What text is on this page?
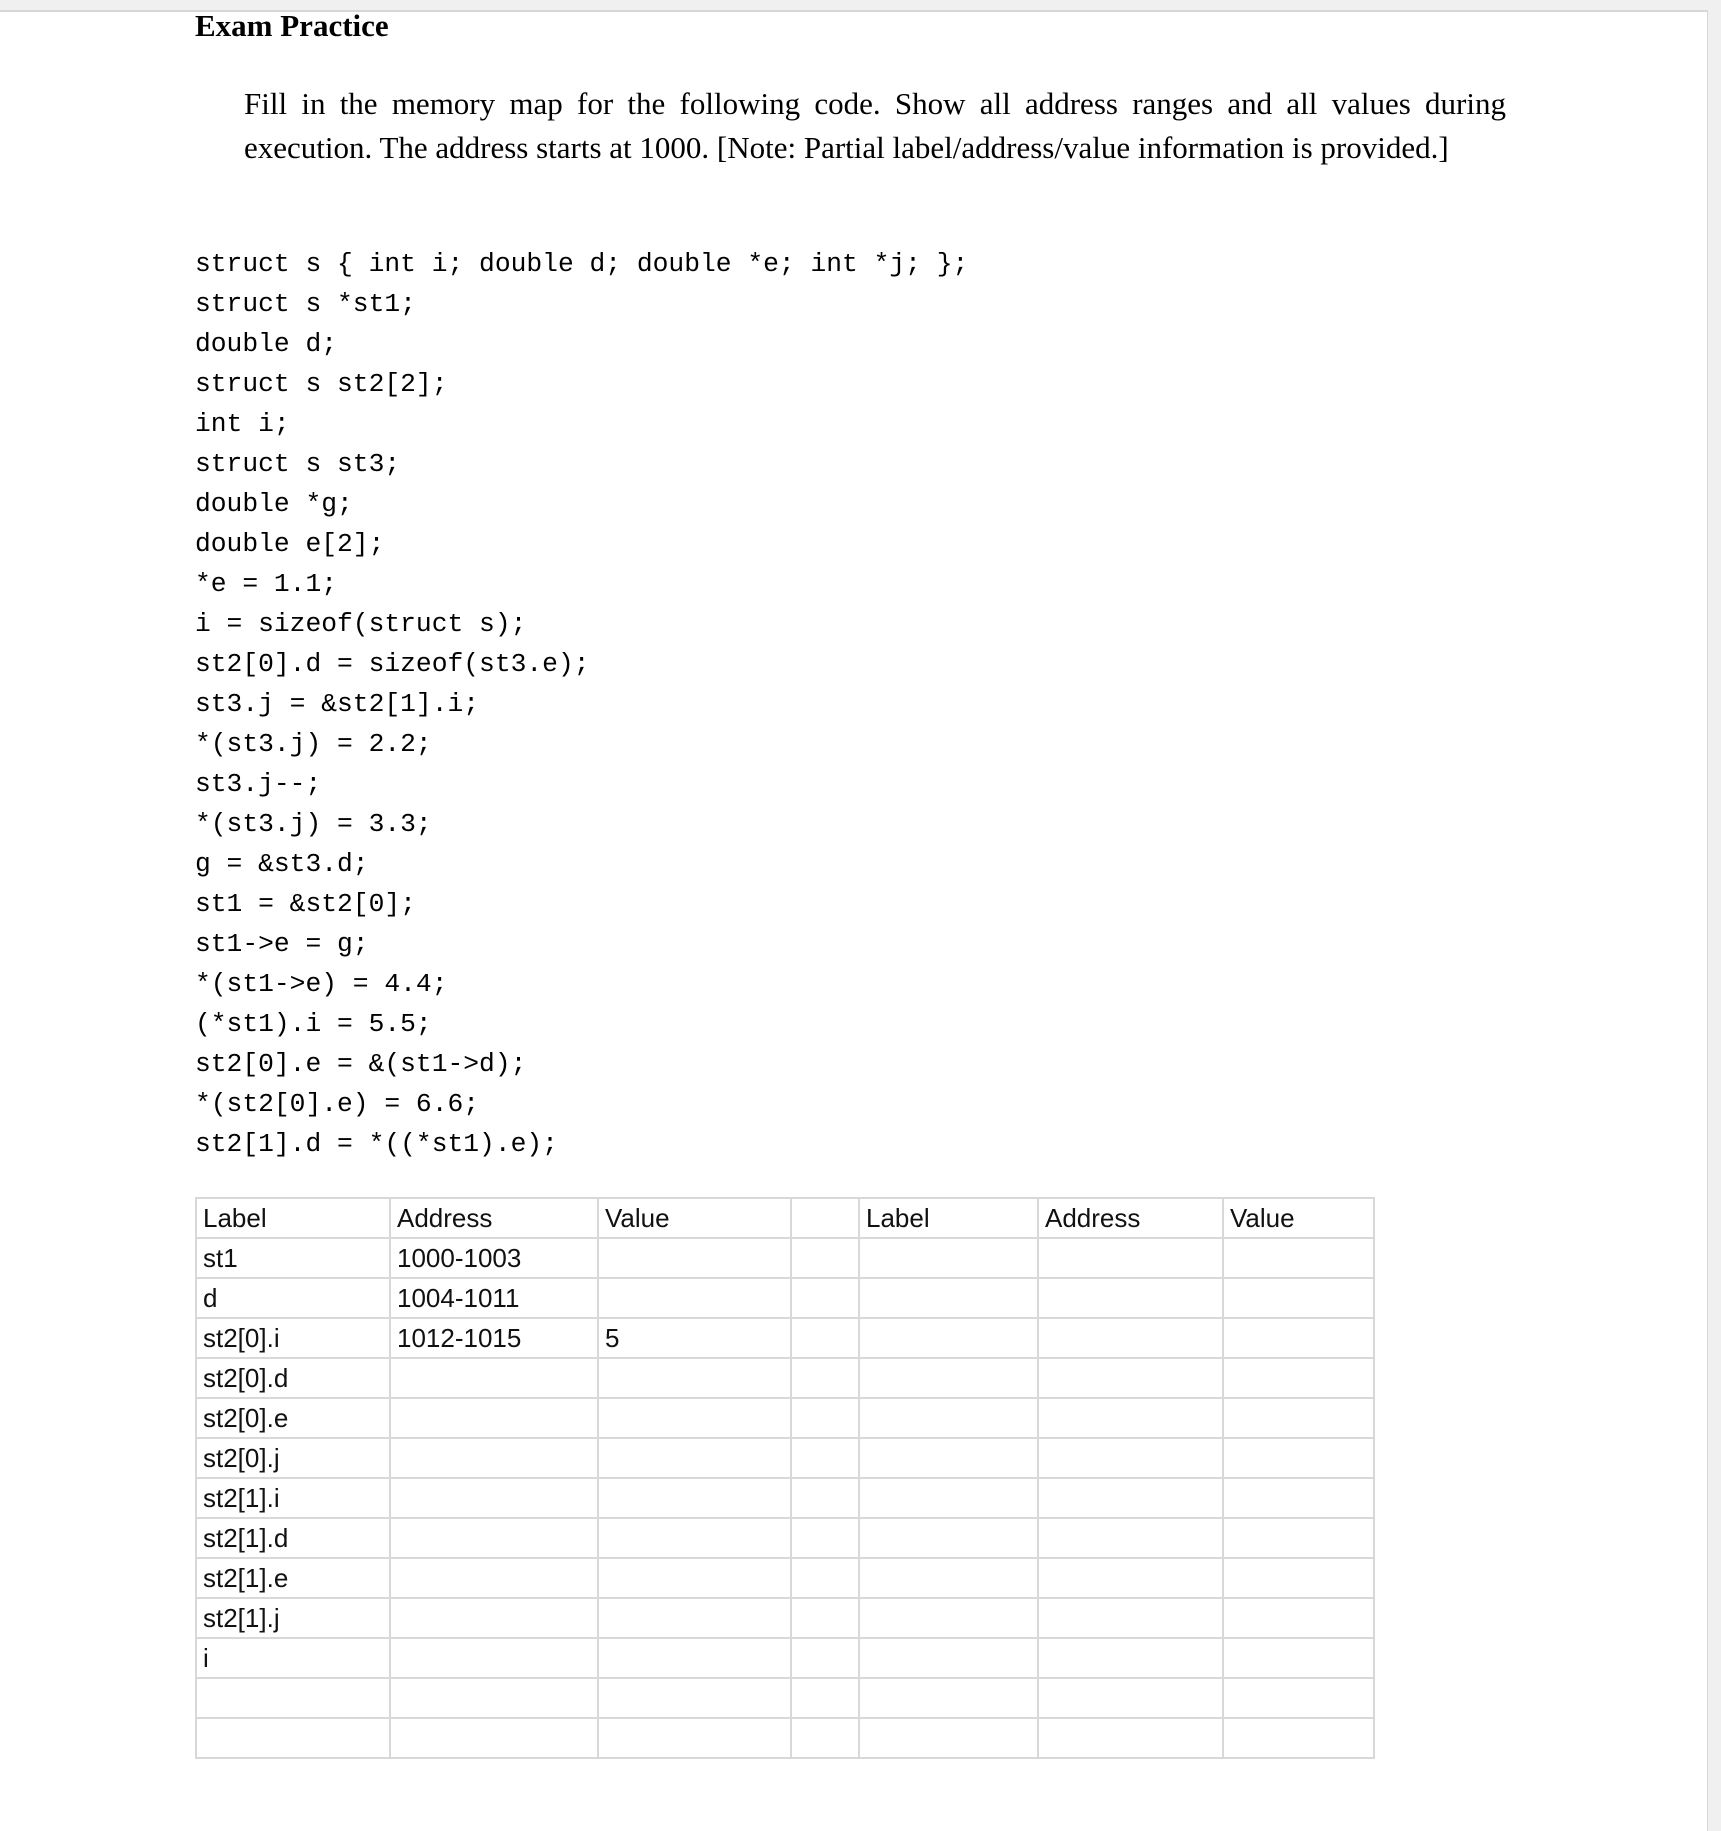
Exam Practice
Fill in the memory map for the following code. Show all address ranges and all values during execution. The address starts at 1000. [Note: Partial label/address/value information is provided.]
struct s { int i; double d; double *e; int *j; };
struct s *st1;
double d;
struct s st2[2];
int i;
struct s st3;
double *g;
double e[2];
*e = 1.1;
i = sizeof(struct s);
st2[0].d = sizeof(st3.e);
st3.j = &st2[1].i;
*(st3.j) = 2.2;
st3.j--;
*(st3.j) = 3.3;
g = &st3.d;
st1 = &st2[0];
st1->e = g;
*(st1->e) = 4.4;
(*st1).i = 5.5;
st2[0].e = &(st1->d);
*(st2[0].e) = 6.6;
st2[1].d = *((*st1).e);
Label	Address	Value		Label	Address	Value
st1	1000-1003					
d	1004-1011					
st2[0].i	1012-1015	5				
st2[0].d						
st2[0].e						
st2[0].j						
st2[1].i						
st2[1].d						
st2[1].e						
st2[1].j						
i						
